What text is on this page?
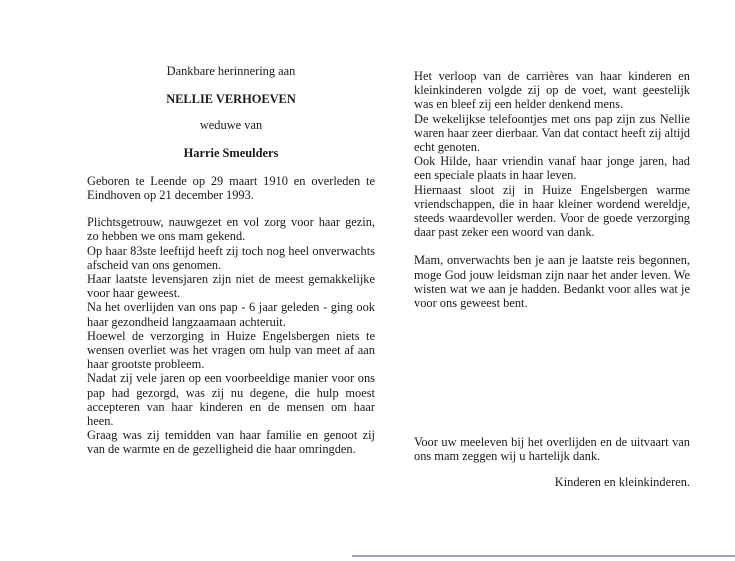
Dankbare herinnering aan
NELLIE VERHOEVEN
weduwe van
Harrie Smeulders

Geboren te Leende op 29 maart 1910 en overleden te Eindhoven op 21 december 1993.

Plichtsgetrouw, nauwgezet en vol zorg voor haar gezin, zo hebben we ons mam gekend.

Op haar 83ste leeftijd heeft zij toch nog heel onverwachts afscheid van ons genomen.

Haar laatste levensjaren zijn niet de meest gemakkelijke voor haar geweest.

Na het overlijden van ons pap - 6 jaar geleden - ging ook haar gezondheid langzaamaan achteruit.

Hoewel de verzorging in Huize Engelsbergen niets te wensen overliet was het vragen om hulp van meet af aan haar grootste probleem.

Nadat zij vele jaren op een voorbeeldige manier voor ons pap had gezorgd, was zij nu degene, die hulp moest accepteren van haar kinderen en de mensen om haar heen.

Graag was zij temidden van haar familie en genoot zij van de warmte en de gezelligheid die haar omringden.

Het verloop van de carrières van haar kinderen en kleinkinderen volgde zij op de voet, want geestelijk was en bleef zij een helder denkend mens.

De wekelijkse telefoontjes met ons pap zijn zus Nellie waren haar zeer dierbaar. Van dat contact heeft zij altijd echt genoten.

Ook Hilde, haar vriendin vanaf haar jonge jaren, had een speciale plaats in haar leven.

Hiernaast sloot zij in Huize Engelsbergen warme vriendschappen, die in haar kleiner wordend wereldje, steeds waardevoller werden. Voor de goede verzorging daar past zeker een woord van dank.

Mam, onverwachts ben je aan je laatste reis begonnen, moge God jouw leidsman zijn naar het ander leven. We wisten wat we aan je hadden. Bedankt voor alles wat je voor ons geweest bent.

Voor uw meeleven bij het overlijden en de uitvaart van ons mam zeggen wij u hartelijk dank.

Kinderen en kleinkinderen.
